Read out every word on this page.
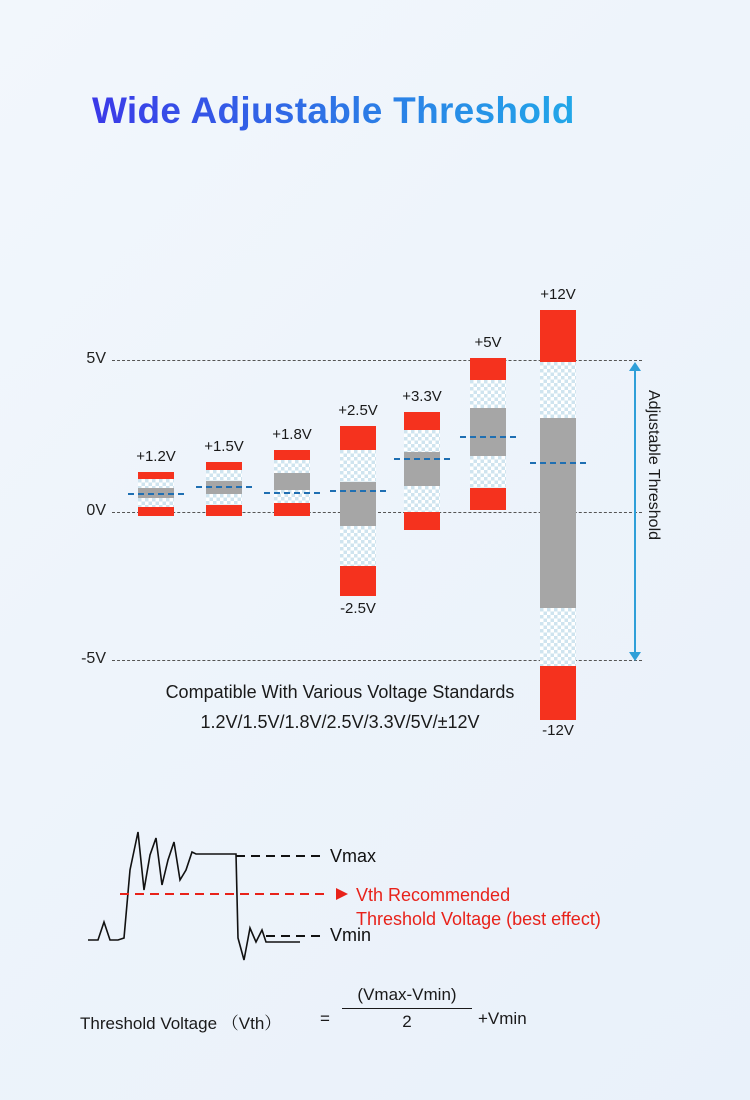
Wide Adjustable Threshold
5V
0V
-5V
+1.2V
+1.5V
+1.8V
+2.5V
-2.5V
+3.3V
+5V
+12V
-12V
Adjustable Threshold
Compatible With Various Voltage Standards
1.2V/1.5V/1.8V/2.5V/3.3V/5V/±12V
Vmax
Vth Recommended
Threshold Voltage (best effect)
Vmin
Threshold Voltage （Vth） =
(Vmax-Vmin)
2	+Vmin
